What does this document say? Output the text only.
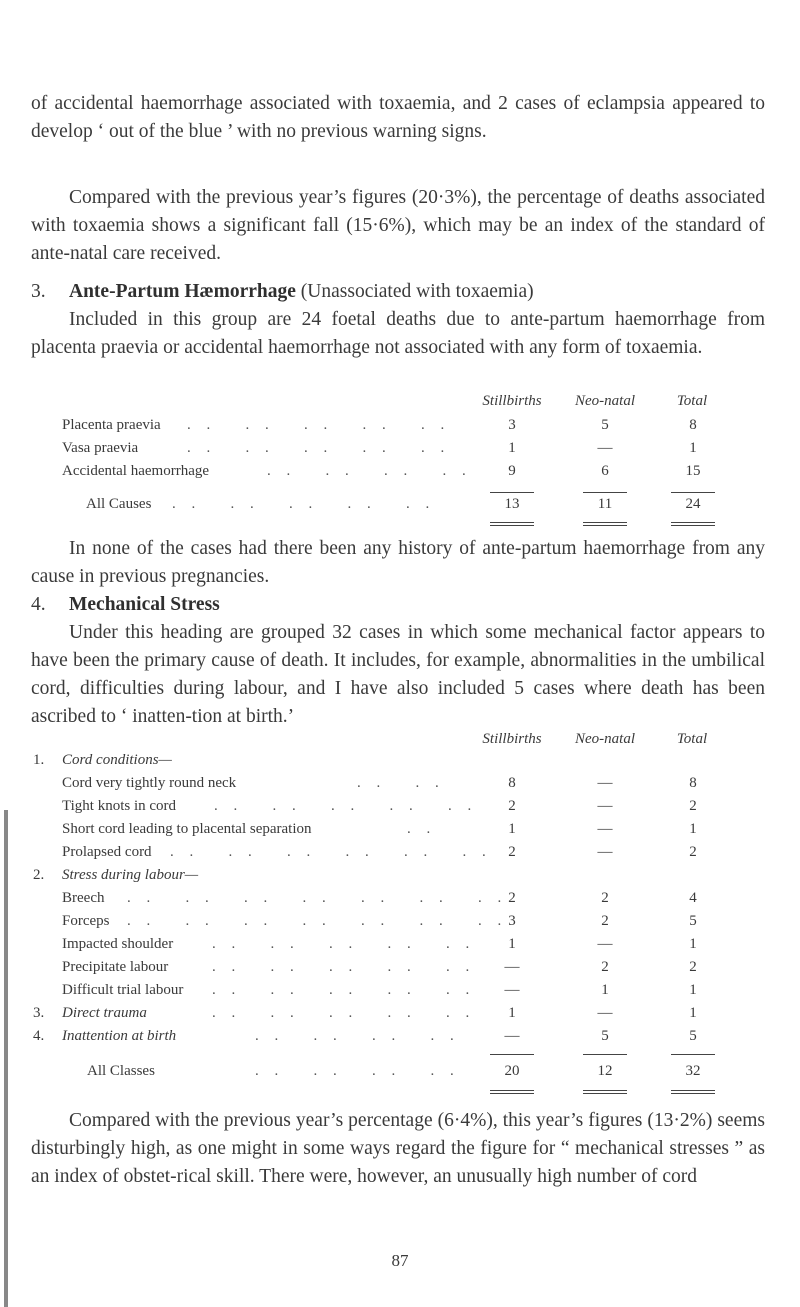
of accidental haemorrhage associated with toxaemia, and 2 cases of eclampsia appeared to develop ‘ out of the blue ’ with no previous warning signs.

Compared with the previous year’s figures (20·3%), the percentage of deaths associated with toxaemia shows a significant fall (15·6%), which may be an index of the standard of ante-natal care received.

3. Ante-Partum Hæmorrhage (Unassociated with toxaemia)

Included in this group are 24 foetal deaths due to ante-partum haemorrhage from placenta praevia or accidental haemorrhage not associated with any form of toxaemia.

Stillbirths	Neo-natal	Total
Placenta praevia . .   . .   . .   . .   . .	3	5	8
Vasa praevia	. .   . .   . .   . .   . .	1	—	1
Accidental haemorrhage	. .   . .   . .   . .	9	6	15
All Causes . .   . .   . .   . .   . .	13	11	24

In none of the cases had there been any history of ante-partum haemorrhage from any cause in previous pregnancies.

4. Mechanical Stress

Under this heading are grouped 32 cases in which some mechanical factor appears to have been the primary cause of death. It includes, for example, abnormalities in the umbilical cord, difficulties during labour, and I have also included 5 cases where death has been ascribed to ‘ inatten-tion at birth.’

Stillbirths	Neo-natal	Total
1. Cord conditions—
Cord very tightly round neck	. .   . .	8	—	8
Tight knots in cord	. .   . .   . .   . .   . .	2	—	2
Short cord leading to placental separation	. .	1	—	1
Prolapsed cord . .   . .   . .   . .   . .   . .	2	—	2
2. Stress during labour—
Breech . .   . .   . .   . .   . .   . .   . . 2	2	4
Forceps . .   . .   . .   . .   . .   . .   . . 3	2	5
Impacted shoulder	. .   . .   . .   . .   . .	1	—	1
Precipitate labour	. .   . .   . .   . .   . .	—	2	2
Difficult trial labour . .   . .   . .   . .   . .	—	1	1
3. Direct trauma	. .   . .   . .   . .   . .	1	—	1
4. Inattention at birth	. .   . .   . .   . .	—	5	5
All Classes	. .   . .   . .   . .	20	12	32

Compared with the previous year’s percentage (6·4%), this year’s figures (13·2%) seems disturbingly high, as one might in some ways regard the figure for “ mechanical stresses ” as an index of obstet-rical skill. There were, however, an unusually high number of cord

87
